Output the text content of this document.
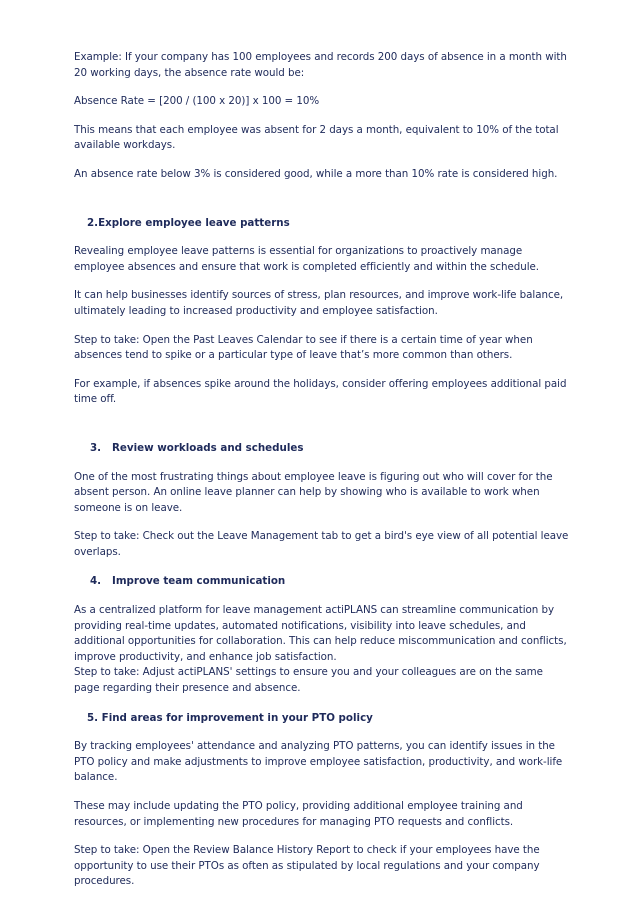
Example: If your company has 100 employees and records 200 days of absence in a month with 20 working days, the absence rate would be:

Absence Rate = [200 / (100 x 20)] x 100 = 10%

This means that each employee was absent for 2 days a month, equivalent to 10% of the total available workdays.

An absence rate below 3% is considered good, while a more than 10% rate is considered high.

2.Explore employee leave patterns

Revealing employee leave patterns is essential for organizations to proactively manage employee absences and ensure that work is completed efficiently and within the schedule.

It can help businesses identify sources of stress, plan resources, and improve work-life balance, ultimately leading to increased productivity and employee satisfaction.

Step to take: Open the Past Leaves Calendar to see if there is a certain time of year when absences tend to spike or a particular type of leave that’s more common than others.

For example, if absences spike around the holidays, consider offering employees additional paid time off.

3.	Review workloads and schedules

One of the most frustrating things about employee leave is figuring out who will cover for the absent person. An online leave planner can help by showing who is available to work when someone is on leave.

Step to take: Check out the Leave Management tab to get a bird's eye view of all potential leave overlaps.

4.	Improve team communication

As a centralized platform for leave management actiPLANS can streamline communication by providing real-time updates, automated notifications, visibility into leave schedules, and additional opportunities for collaboration. This can help reduce miscommunication and conflicts, improve productivity, and enhance job satisfaction.

Step to take: Adjust actiPLANS' settings to ensure you and your colleagues are on the same page regarding their presence and absence.

5. Find areas for improvement in your PTO policy

By tracking employees' attendance and analyzing PTO patterns, you can identify issues in the PTO policy and make adjustments to improve employee satisfaction, productivity, and work-life balance.

These may include updating the PTO policy, providing additional employee training and resources, or implementing new procedures for managing PTO requests and conflicts.

Step to take: Open the Review Balance History Report to check if your employees have the opportunity to use their PTOs as often as stipulated by local regulations and your company procedures.
